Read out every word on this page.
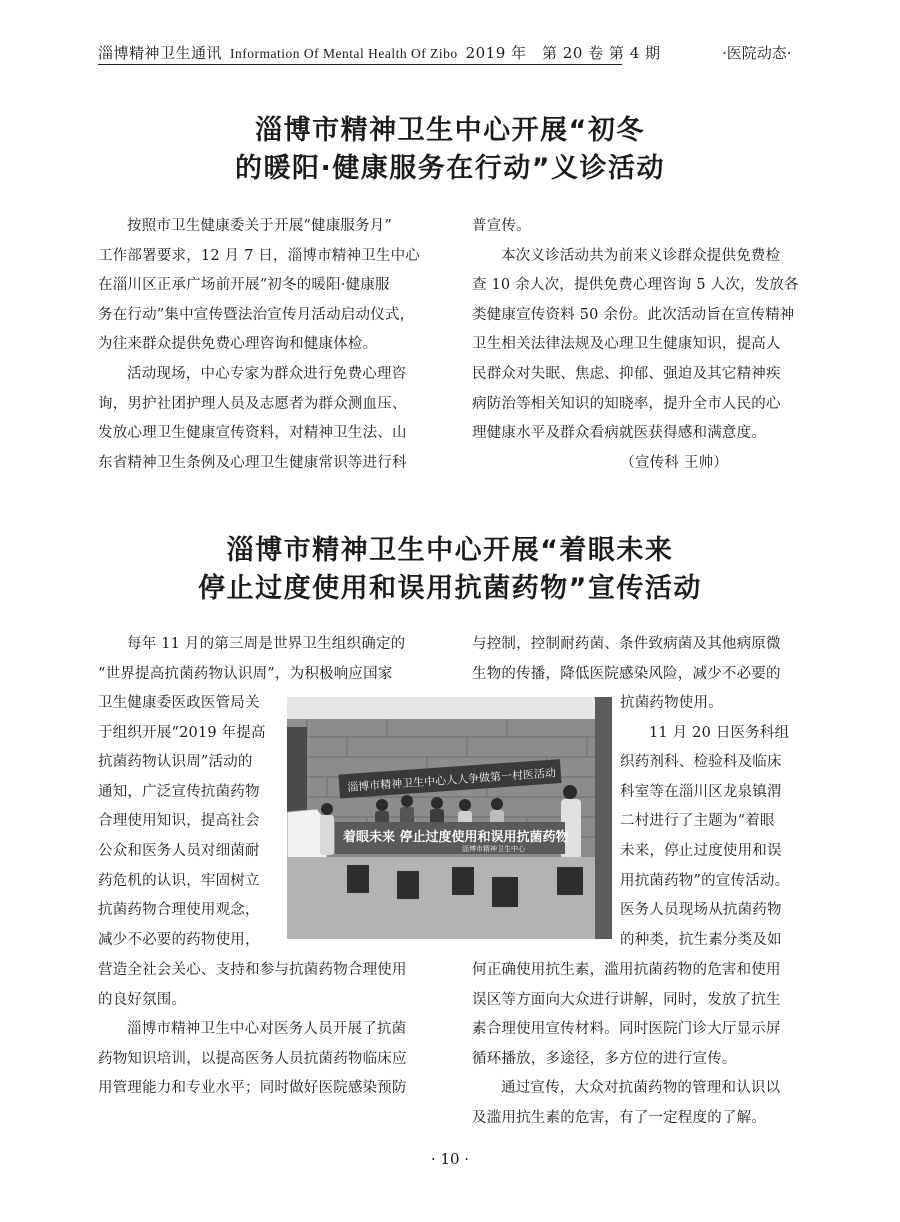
淄博精神卫生通讯 Information Of Mental Health Of Zibo 2019 年　第 20 卷 第 4 期	·医院动态·
淄博市精神卫生中心开展“初冬
的暖阳·健康服务在行动”义诊活动

按照市卫生健康委关于开展“健康服务月”

工作部署要求，12 月 7 日，淄博市精神卫生中心

在淄川区正承广场前开展“初冬的暖阳·健康服

务在行动”集中宣传暨法治宣传月活动启动仪式，

为往来群众提供免费心理咨询和健康体检。

活动现场，中心专家为群众进行免费心理咨

询，男护社团护理人员及志愿者为群众测血压、

发放心理卫生健康宣传资料，对精神卫生法、山

东省精神卫生条例及心理卫生健康常识等进行科

普宣传。

本次义诊活动共为前来义诊群众提供免费检

查 10 余人次，提供免费心理咨询 5 人次，发放各

类健康宣传资料 50 余份。此次活动旨在宣传精神

卫生相关法律法规及心理卫生健康知识，提高人

民群众对失眠、焦虑、抑郁、强迫及其它精神疾

病防治等相关知识的知晓率，提升全市人民的心

理健康水平及群众看病就医获得感和满意度。

（宣传科 王帅）

淄博市精神卫生中心开展“着眼未来
停止过度使用和误用抗菌药物”宣传活动

每年 11 月的第三周是世界卫生组织确定的

“世界提高抗菌药物认识周”，为积极响应国家

卫生健康委医政医管局关

于组织开展“2019 年提高

抗菌药物认识周”活动的

通知，广泛宣传抗菌药物

合理使用知识，提高社会

公众和医务人员对细菌耐

药危机的认识，牢固树立

抗菌药物合理使用观念，

减少不必要的药物使用，

营造全社会关心、支持和参与抗菌药物合理使用

的良好氛围。

淄博市精神卫生中心对医务人员开展了抗菌

药物知识培训，以提高医务人员抗菌药物临床应

用管理能力和专业水平；同时做好医院感染预防

与控制，控制耐药菌、条件致病菌及其他病原微

生物的传播，降低医院感染风险，减少不必要的

抗菌药物使用。

11 月 20 日医务科组

织药剂科、检验科及临床

科室等在淄川区龙泉镇渭

二村进行了主题为“着眼

未来，停止过度使用和误

用抗菌药物”的宣传活动。

医务人员现场从抗菌药物

的种类，抗生素分类及如

何正确使用抗生素，滥用抗菌药物的危害和使用

误区等方面向大众进行讲解，同时，发放了抗生

素合理使用宣传材料。同时医院门诊大厅显示屏

循环播放，多途径，多方位的进行宣传。

通过宣传，大众对抗菌药物的管理和认识以

及滥用抗生素的危害，有了一定程度的了解。

淄博市精神卫生中心人人争做第一村医活动
着眼未来 停止过度使用和误用抗菌药物
淄博市精神卫生中心
· 10 ·
